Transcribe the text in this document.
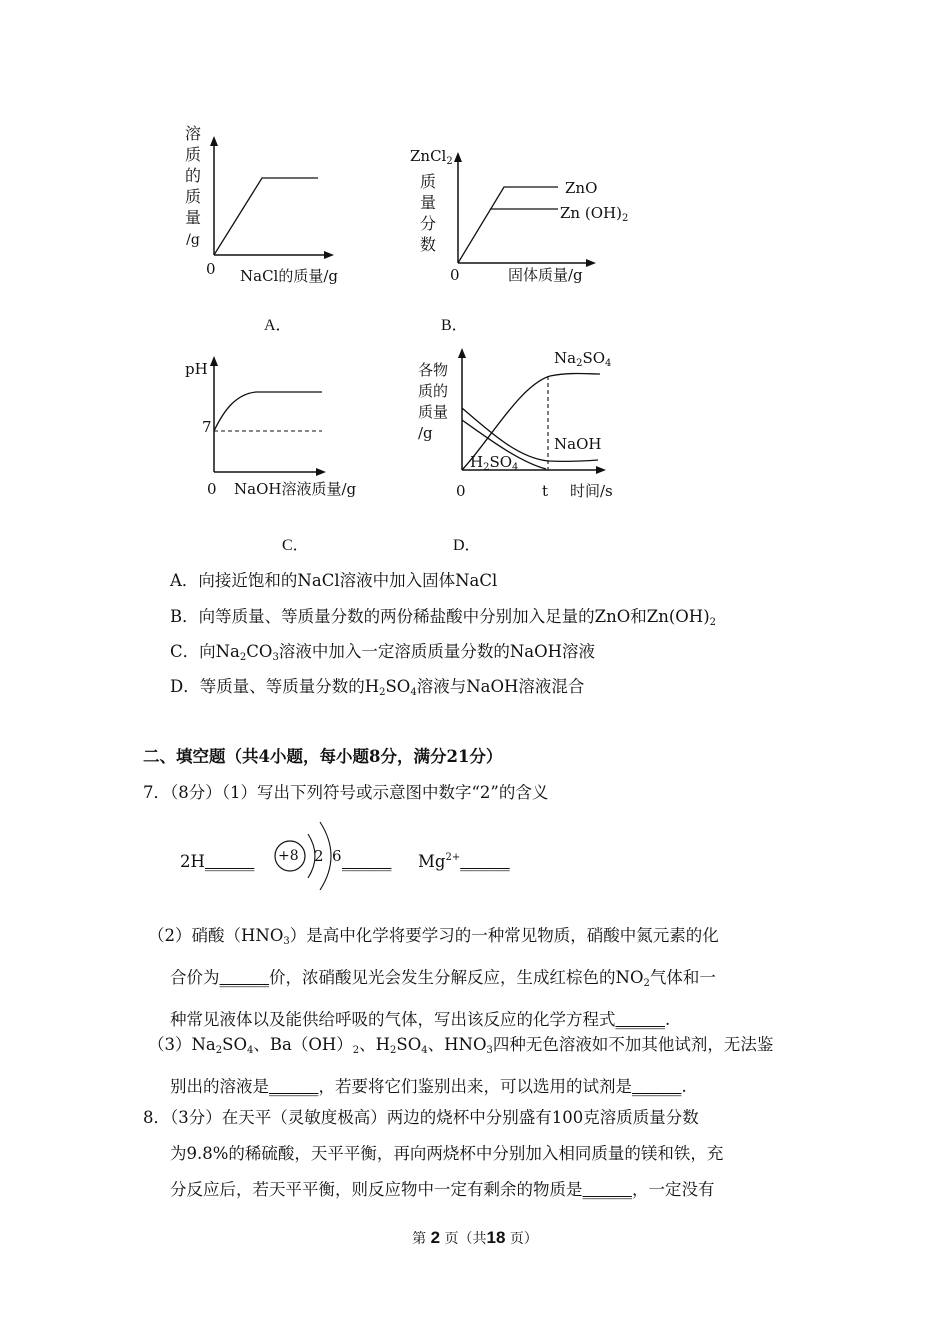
溶
质
的
质
量
/g
0 NaCl的质量/g
A．
ZnCl$_2$
质
量
分
数
ZnO
Zn $(OH)_2$
0	固体质量/g
B．
pH
7
0 NaOH溶液质量/g
C．
各物
质的
质量
/g
$Na_2SO_4$
NaOH
$H_2SO_4$
0	t 时间/s
D．
A．向接近饱和的NaCl溶液中加入固体NaCl
B．向等质量、等质量分数的两份稀盐酸中分别加入足量的ZnO和$Zn(OH)_2$
C．向$Na_2CO_3$溶液中加入一定溶质质量分数的NaOH溶液
D．等质量、等质量分数的$H_2SO_4$溶液与NaOH溶液混合
二、填空题（共4小题，每小题8分，满分21分）
7．（8分）（1）写出下列符号或示意图中数字“2”的含义
2H______ +8 2 6 ______ $Mg^{2+}\_\_\_\_\_\_$
（2）硝酸$(HNO_3)$是高中化学将要学习的一种常见物质，硝酸中氮元素的化
合价为______价，浓硝酸见光会发生分解反应，生成红棕色的$NO_2$气体和一
种常见液体以及能供给呼吸的气体，写出该反应的化学方程式______.
$(3)Na_2SO_4$、$Ba(OH)_2$、$H_2SO_4$、$HNO_3$四种无色溶液如不加其他试剂，无法鉴
别出的溶液是______，若要将它们鉴别出来，可以选用的试剂是______.
8．（3分）在天平（灵敏度极高）两边的烧杯中分别盛有100克溶质质量分数
为9.8%的稀硫酸，天平平衡，再向两烧杯中分别加入相同质量的镁和铁，充
分反应后，若天平平衡，则反应物中一定有剩余的物质是______，一定没有
第 2 页（共18 页）
